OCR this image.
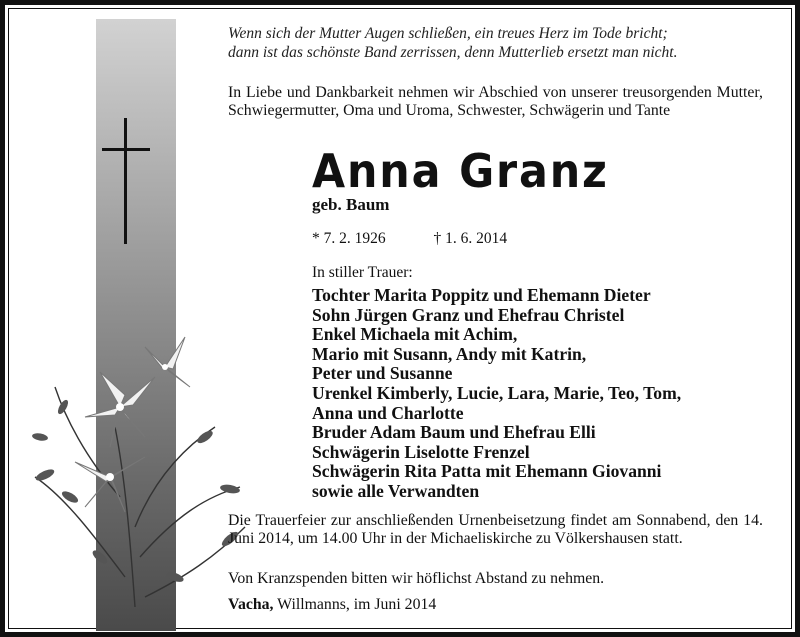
Wenn sich der Mutter Augen schließen, ein treues Herz im Tode bricht;
dann ist das schönste Band zerrissen, denn Mutterlieb ersetzt man nicht.
In Liebe und Dankbarkeit nehmen wir Abschied von unserer treusorgenden Mutter, Schwiegermutter, Oma und Uroma, Schwester, Schwägerin und Tante
Anna Granz
geb. Baum
* 7. 2. 1926	† 1. 6. 2014
In stiller Trauer:
Tochter Marita Poppitz und Ehemann Dieter
Sohn Jürgen Granz und Ehefrau Christel
Enkel Michaela mit Achim,
Mario mit Susann, Andy mit Katrin,
Peter und Susanne
Urenkel Kimberly, Lucie, Lara, Marie, Teo, Tom,
Anna und Charlotte
Bruder Adam Baum und Ehefrau Elli
Schwägerin Liselotte Frenzel
Schwägerin Rita Patta mit Ehemann Giovanni
sowie alle Verwandten
Die Trauerfeier zur anschließenden Urnenbeisetzung findet am Sonnabend, den 14. Juni 2014, um 14.00 Uhr in der Michaeliskirche zu Völkershausen statt.
Von Kranzspenden bitten wir höflichst Abstand zu nehmen.
Vacha, Willmanns, im Juni 2014
